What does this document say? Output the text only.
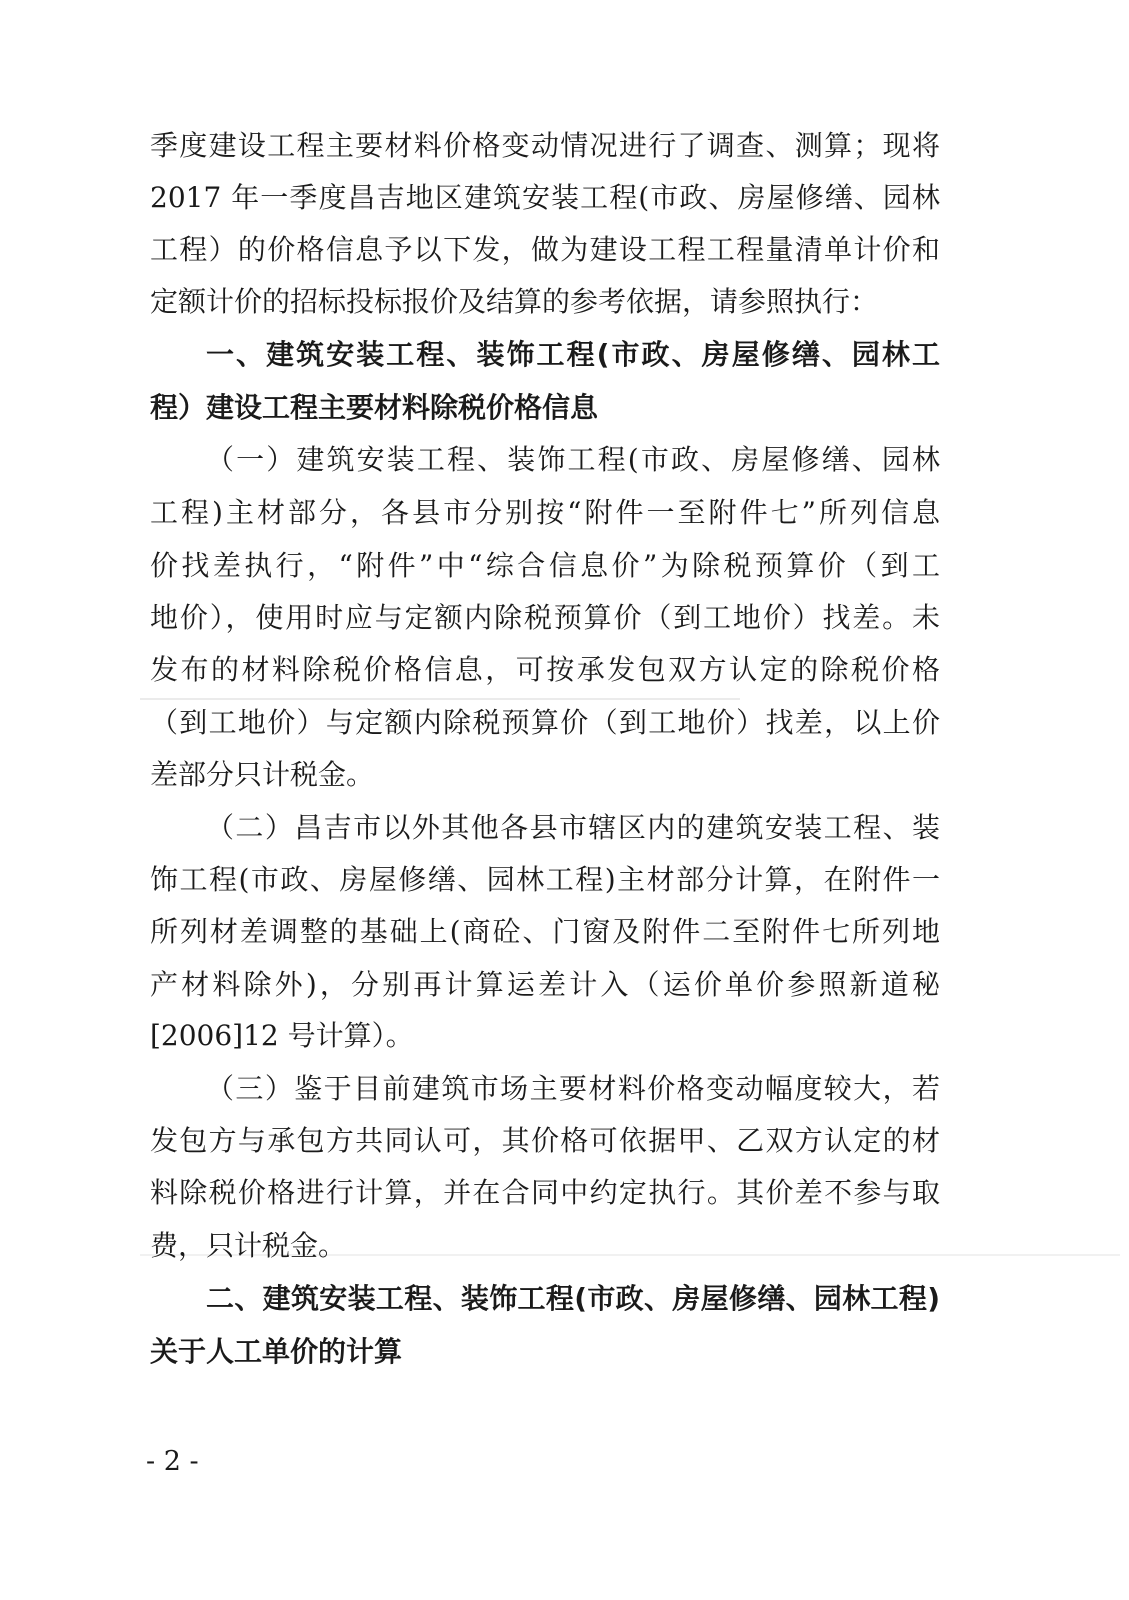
季度建设工程主要材料价格变动情况进行了调查、测算；现将
2017 年一季度昌吉地区建筑安装工程(市政、房屋修缮、园林
工程）的价格信息予以下发，做为建设工程工程量清单计价和
定额计价的招标投标报价及结算的参考依据，请参照执行：
一、建筑安装工程、装饰工程(市政、房屋修缮、园林工
程）建设工程主要材料除税价格信息
（一）建筑安装工程、装饰工程(市政、房屋修缮、园林
工程)主材部分，各县市分别按“附件一至附件七”所列信息
价找差执行，“附件”中“综合信息价”为除税预算价（到工
地价），使用时应与定额内除税预算价（到工地价）找差。未
发布的材料除税价格信息，可按承发包双方认定的除税价格
（到工地价）与定额内除税预算价（到工地价）找差，以上价
差部分只计税金。
（二）昌吉市以外其他各县市辖区内的建筑安装工程、装
饰工程(市政、房屋修缮、园林工程)主材部分计算，在附件一
所列材差调整的基础上(商砼、门窗及附件二至附件七所列地
产材料除外)，分别再计算运差计入（运价单价参照新道秘
[2006]12 号计算）。
（三）鉴于目前建筑市场主要材料价格变动幅度较大，若
发包方与承包方共同认可，其价格可依据甲、乙双方认定的材
料除税价格进行计算，并在合同中约定执行。其价差不参与取
费，只计税金。
二、建筑安装工程、装饰工程(市政、房屋修缮、园林工程)
关于人工单价的计算
- 2 -
